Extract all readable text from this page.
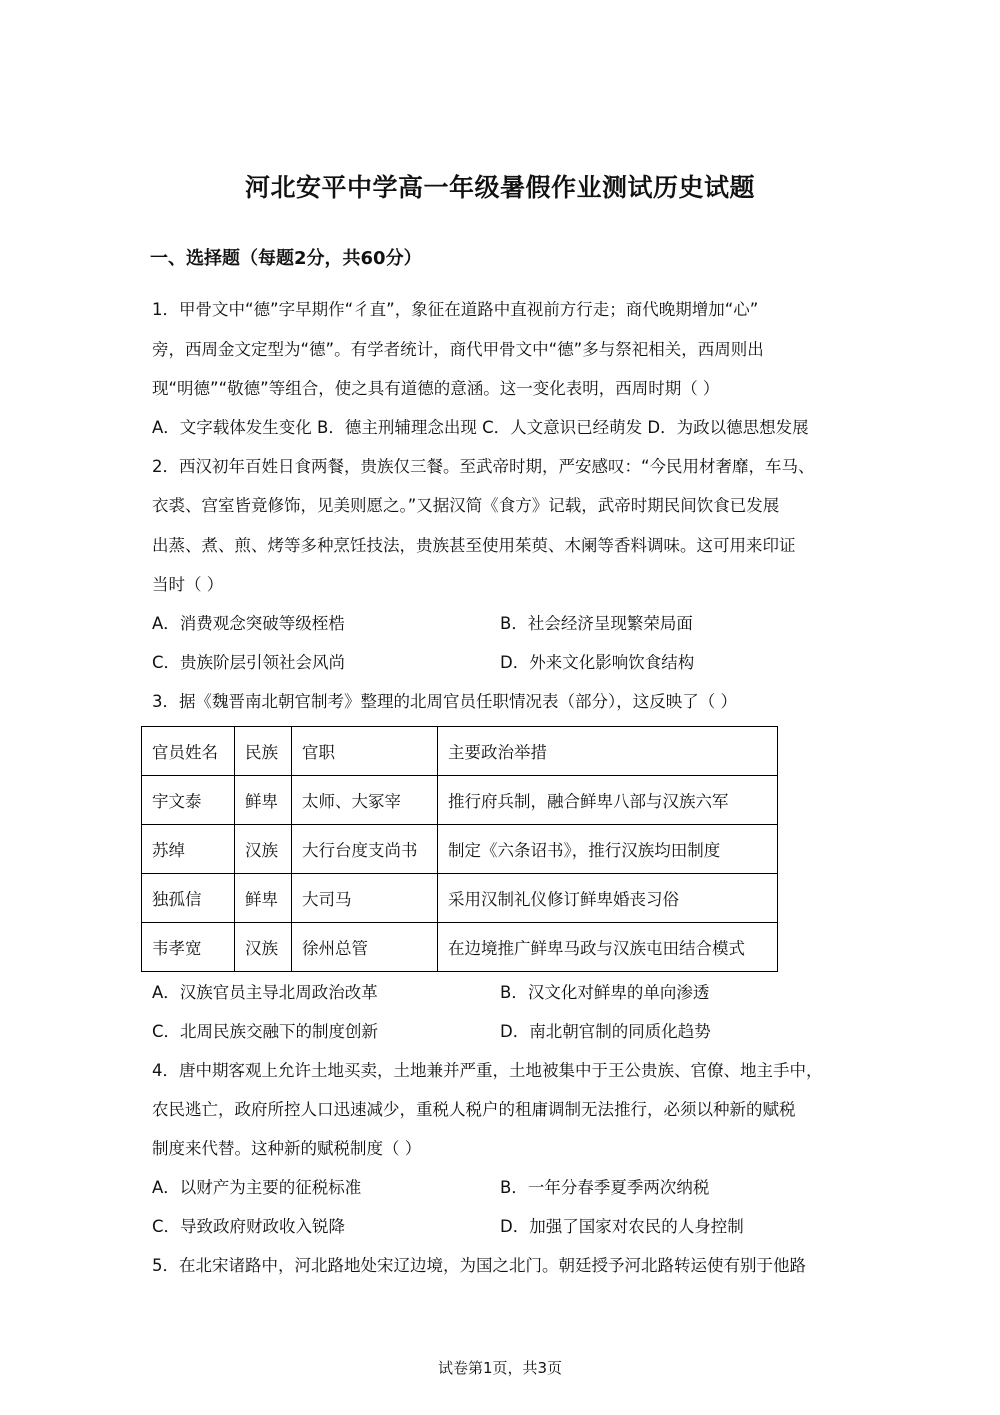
河北安平中学高一年级暑假作业测试历史试题
一、选择题（每题2分，共60分）
1．甲骨文中“德”字早期作“彳直”，象征在道路中直视前方行走；商代晚期增加“心”
旁，西周金文定型为“德”。有学者统计，商代甲骨文中“德”多与祭祀相关，西周则出
现“明德”“敬德”等组合，使之具有道德的意涵。这一变化表明，西周时期（ ）
A．文字载体发生变化 B．德主刑辅理念出现 C．人文意识已经萌发 D．为政以德思想发展
2．西汉初年百姓日食两餐，贵族仅三餐。至武帝时期，严安感叹：“今民用材奢靡，车马、
衣裘、宫室皆竟修饰，见美则愿之。”又据汉简《食方》记载，武帝时期民间饮食已发展
出蒸、煮、煎、烤等多种烹饪技法，贵族甚至使用茱萸、木阑等香料调味。这可用来印证
当时（ ）
A．消费观念突破等级桎梏	B．社会经济呈现繁荣局面
C．贵族阶层引领社会风尚	D．外来文化影响饮食结构
3．据《魏晋南北朝官制考》整理的北周官员任职情况表（部分），这反映了（ ）
官员姓名	民族	官职	主要政治举措
宇文泰	鲜卑	太师、大冢宰	推行府兵制，融合鲜卑八部与汉族六军
苏绰	汉族	大行台度支尚书	制定《六条诏书》，推行汉族均田制度
独孤信	鲜卑	大司马	采用汉制礼仪修订鲜卑婚丧习俗
韦孝宽	汉族	徐州总管	在边境推广鲜卑马政与汉族屯田结合模式
A．汉族官员主导北周政治改革	B．汉文化对鲜卑的单向渗透
C．北周民族交融下的制度创新	D．南北朝官制的同质化趋势
4．唐中期客观上允许土地买卖，土地兼并严重，土地被集中于王公贵族、官僚、地主手中，
农民逃亡，政府所控人口迅速减少，重税人税户的租庸调制无法推行，必须以种新的赋税
制度来代替。这种新的赋税制度（ ）
A．以财产为主要的征税标准	B．一年分春季夏季两次纳税
C．导致政府财政收入锐降	D．加强了国家对农民的人身控制
5．在北宋诸路中，河北路地处宋辽边境，为国之北门。朝廷授予河北路转运使有别于他路
试卷第1页，共3页
